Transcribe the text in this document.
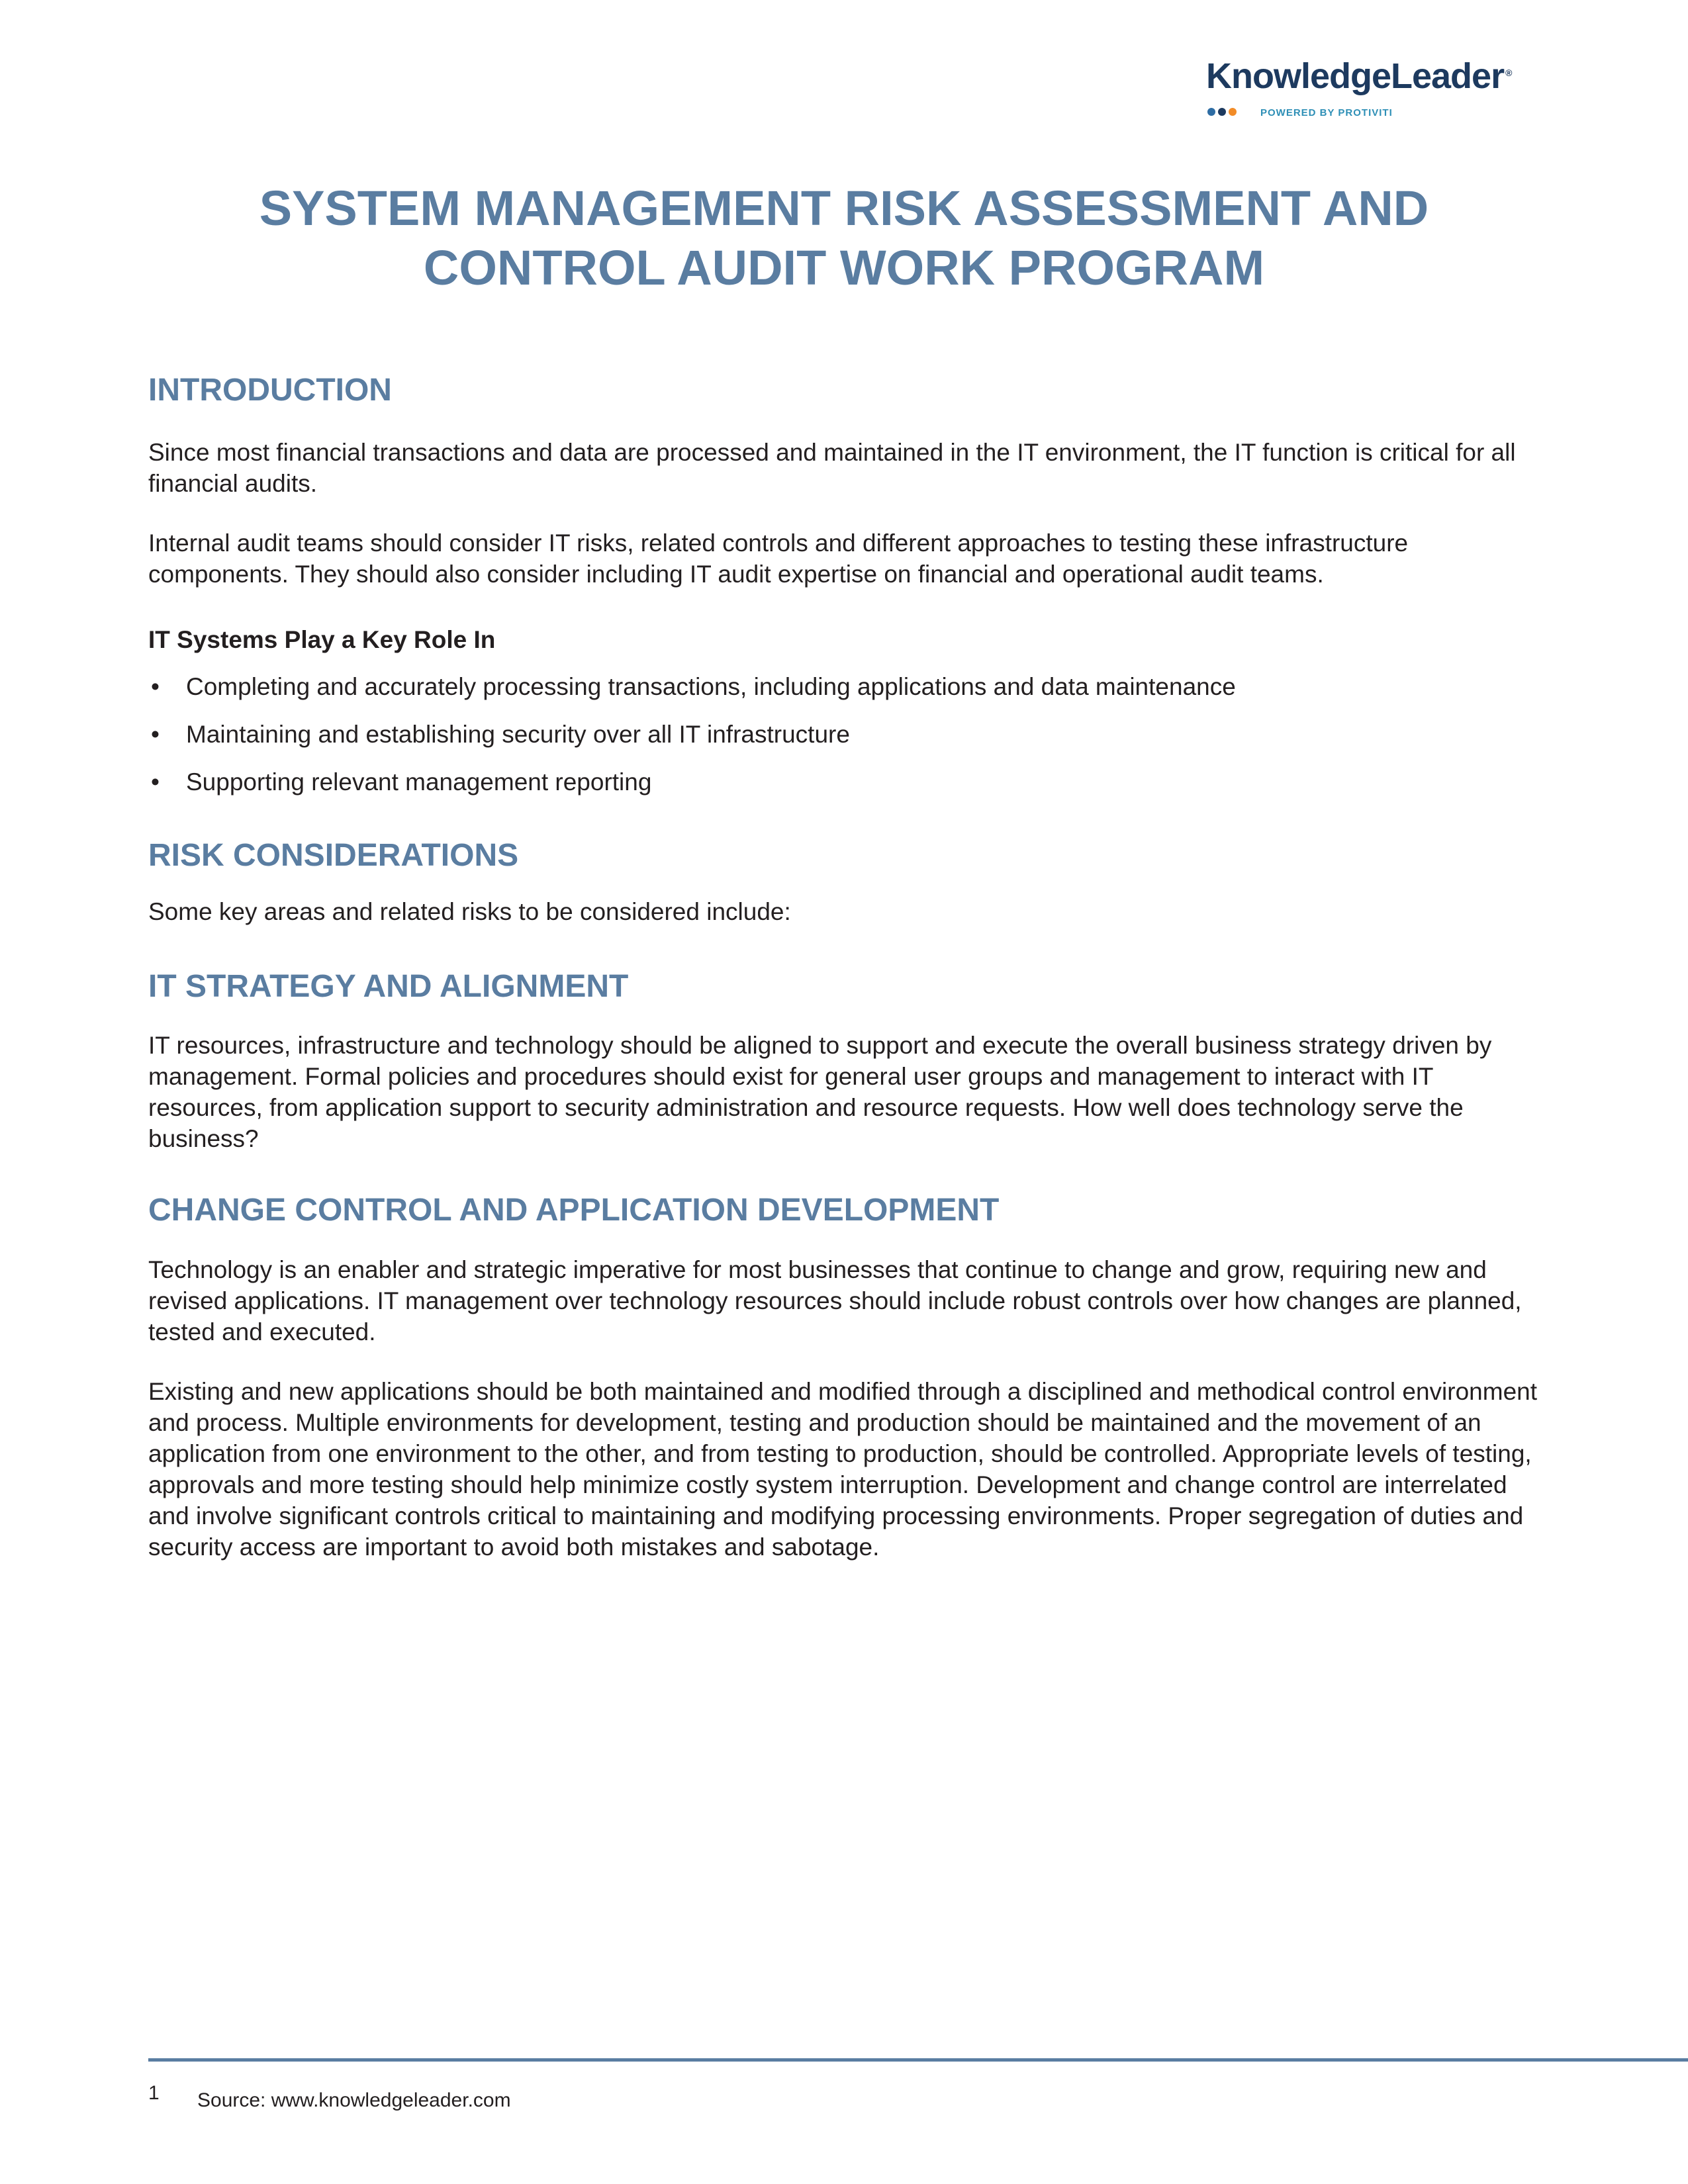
KnowledgeLeader ®
POWERED BY PROTIVITI
SYSTEM MANAGEMENT RISK ASSESSMENT AND
CONTROL AUDIT WORK PROGRAM
INTRODUCTION

Since most financial transactions and data are processed and maintained in the IT environment, the IT function is critical for all financial audits.

Internal audit teams should consider IT risks, related controls and different approaches to testing these infrastructure components. They should also consider including IT audit expertise on financial and operational audit teams.

IT Systems Play a Key Role In

• Completing and accurately processing transactions, including applications and data maintenance
• Maintaining and establishing security over all IT infrastructure
• Supporting relevant management reporting
RISK CONSIDERATIONS

Some key areas and related risks to be considered include:

IT STRATEGY AND ALIGNMENT

IT resources, infrastructure and technology should be aligned to support and execute the overall business strategy driven by management. Formal policies and procedures should exist for general user groups and management to interact with IT resources, from application support to security administration and resource requests. How well does technology serve the business?

CHANGE CONTROL AND APPLICATION DEVELOPMENT

Technology is an enabler and strategic imperative for most businesses that continue to change and grow, requiring new and revised applications. IT management over technology resources should include robust controls over how changes are planned, tested and executed.

Existing and new applications should be both maintained and modified through a disciplined and methodical control environment and process. Multiple environments for development, testing and production should be maintained and the movement of an application from one environment to the other, and from testing to production, should be controlled. Appropriate levels of testing, approvals and more testing should help minimize costly system interruption. Development and change control are interrelated and involve significant controls critical to maintaining and modifying processing environments. Proper segregation of duties and security access are important to avoid both mistakes and sabotage.

1 Source: www.knowledgeleader.com
